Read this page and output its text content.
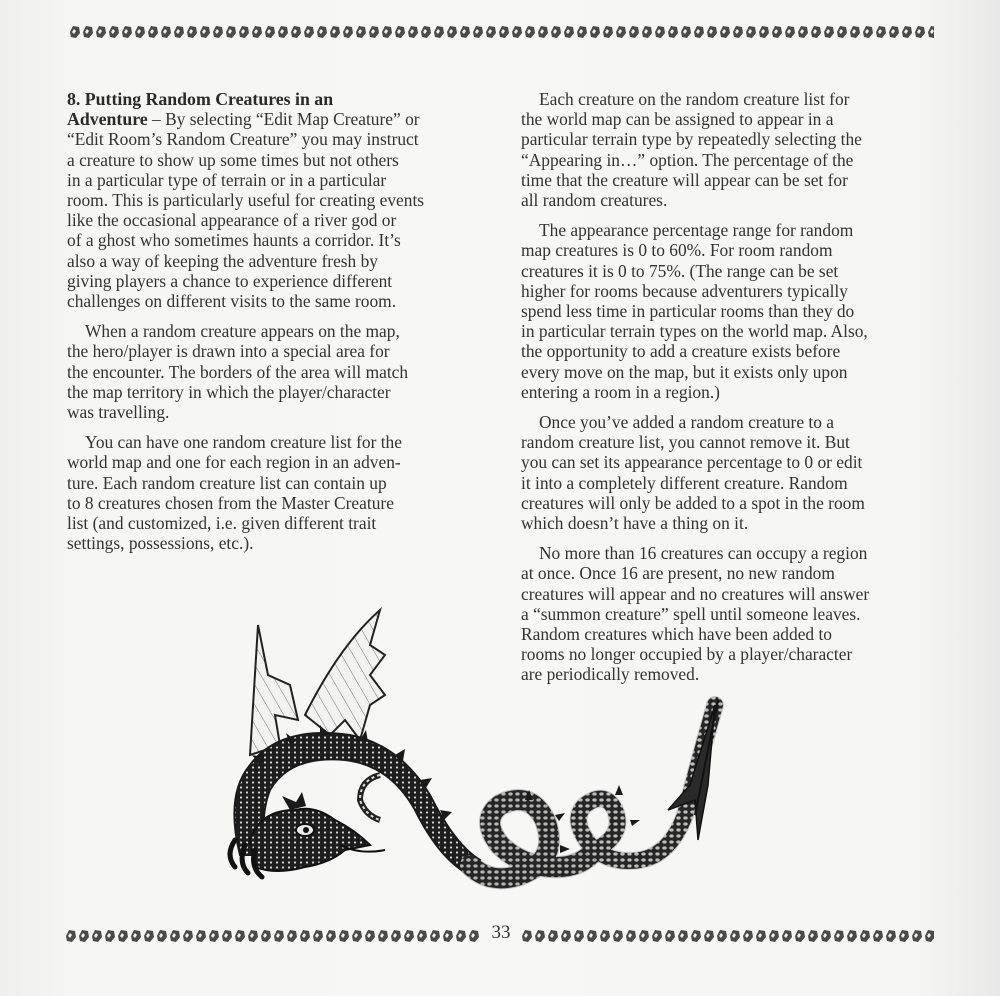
8. Putting Random Creatures in an
Adventure – By selecting “Edit Map Creature” or
“Edit Room’s Random Creature” you may instruct
a creature to show up some times but not others
in a particular type of terrain or in a particular
room. This is particularly useful for creating events
like the occasional appearance of a river god or
of a ghost who sometimes haunts a corridor. It’s
also a way of keeping the adventure fresh by
giving players a chance to experience different
challenges on different visits to the same room.

When a random creature appears on the map,
the hero/player is drawn into a special area for
the encounter. The borders of the area will match
the map territory in which the player/character
was travelling.

You can have one random creature list for the
world map and one for each region in an adven-
ture. Each random creature list can contain up
to 8 creatures chosen from the Master Creature
list (and customized, i.e. given different trait
settings, possessions, etc.).

Each creature on the random creature list for
the world map can be assigned to appear in a
particular terrain type by repeatedly selecting the
“Appearing in…” option. The percentage of the
time that the creature will appear can be set for
all random creatures.

The appearance percentage range for random
map creatures is 0 to 60%. For room random
creatures it is 0 to 75%. (The range can be set
higher for rooms because adventurers typically
spend less time in particular rooms than they do
in particular terrain types on the world map. Also,
the opportunity to add a creature exists before
every move on the map, but it exists only upon
entering a room in a region.)

Once you’ve added a random creature to a
random creature list, you cannot remove it. But
you can set its appearance percentage to 0 or edit
it into a completely different creature. Random
creatures will only be added to a spot in the room
which doesn’t have a thing on it.

No more than 16 creatures can occupy a region
at once. Once 16 are present, no new random
creatures will appear and no creatures will answer
a “summon creature” spell until someone leaves.
Random creatures which have been added to
rooms no longer occupied by a player/character
are periodically removed.

33
